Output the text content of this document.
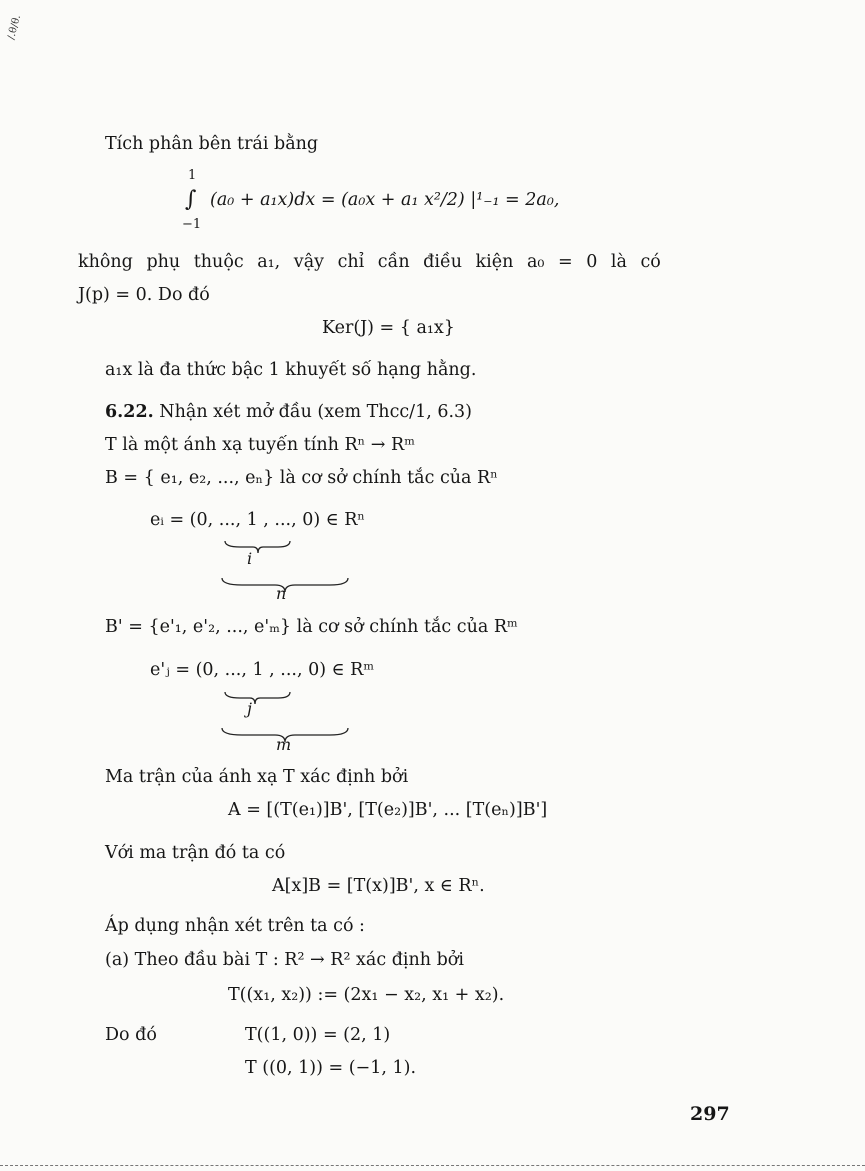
∕.θ∕θ.
Tích phân bên trái bằng
1
∫
−1
(a₀ + a₁x)dx = (a₀x + a₁ x²/2) |¹₋₁ = 2a₀,
không phụ thuộc a₁, vậy chỉ cần điều kiện a₀ = 0 là có
J(p) = 0. Do đó
Ker(J) = { a₁x}
a₁x là đa thức bậc 1 khuyết số hạng hằng.
6.22. Nhận xét mở đầu (xem Thcc/1, 6.3)
T là một ánh xạ tuyến tính Rⁿ → Rᵐ
B = { e₁, e₂, ..., eₙ} là cơ sở chính tắc của Rⁿ
eᵢ = (0, ..., 1 , ..., 0) ∈ Rⁿ
i
n
B' = {e'₁, e'₂, ..., e'ₘ} là cơ sở chính tắc của Rᵐ
e'ⱼ = (0, ..., 1 , ..., 0) ∈ Rᵐ
j
m
Ma trận của ánh xạ T xác định bởi
A = [(T(e₁)]B', [T(e₂)]B', ... [T(eₙ)]B']
Với ma trận đó ta có
A[x]B = [T(x)]B', x ∈ Rⁿ.
Áp dụng nhận xét trên ta có :
(a) Theo đầu bài T : R² → R² xác định bởi
T((x₁, x₂)) := (2x₁ − x₂, x₁ + x₂).
Do đó	T((1, 0)) = (2, 1)
T ((0, 1)) = (−1, 1).
297
